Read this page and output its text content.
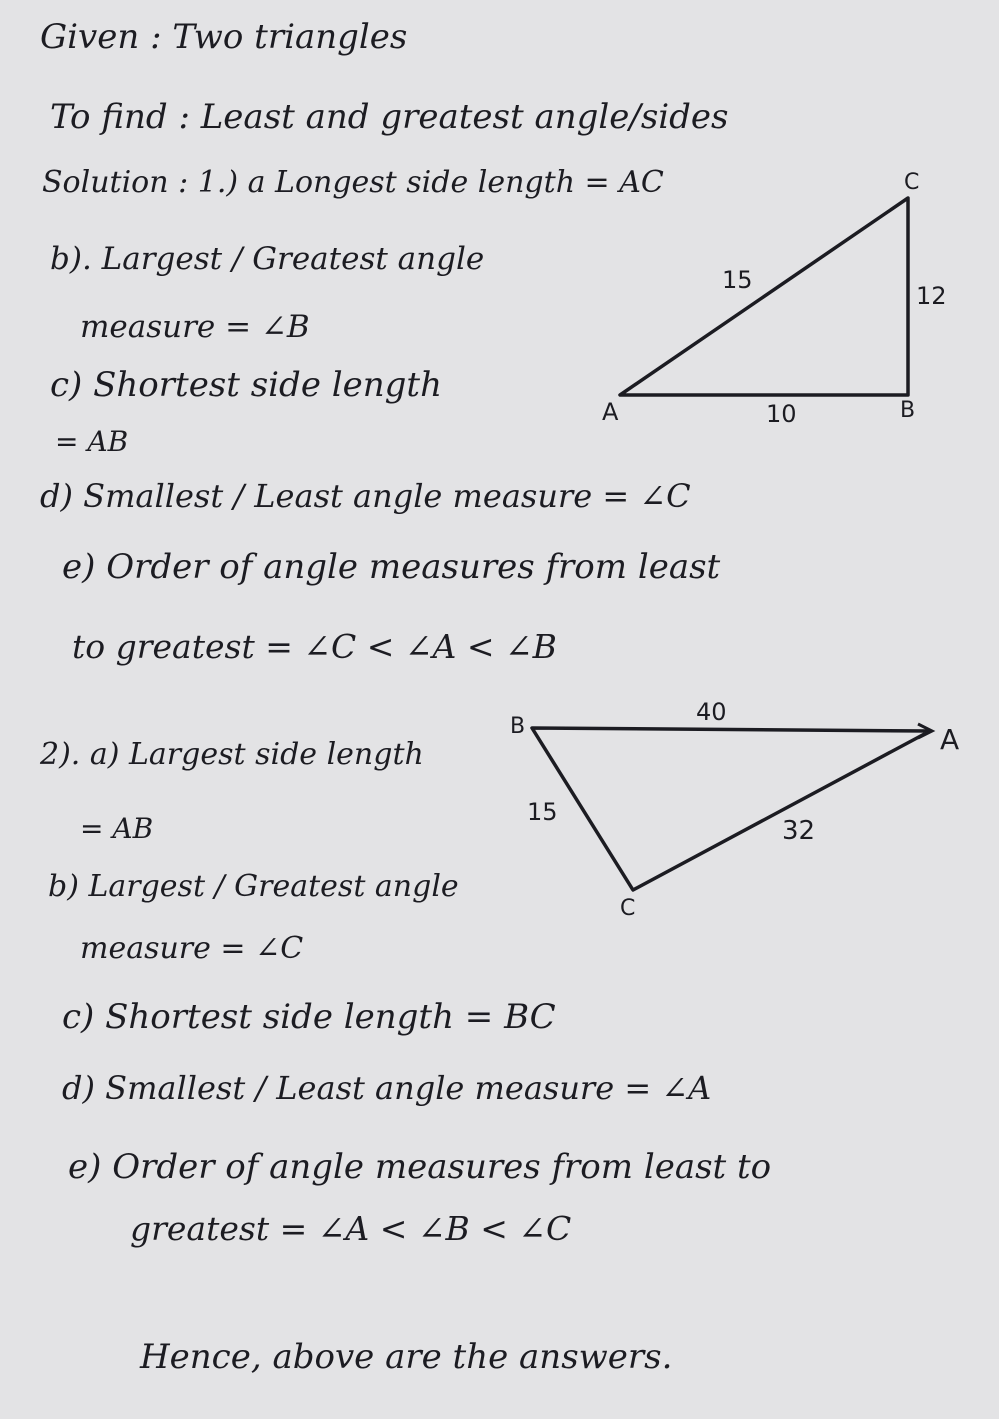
Given : Two triangles
To find : Least and greatest angle/sides
Solution : 1.) a Longest side length = AC
b). Largest / Greatest angle
measure = ∠B
c) Shortest side length
= AB
d) Smallest / Least angle measure = ∠C
e) Order of angle measures from least
to greatest = ∠C < ∠A < ∠B
2). a) Largest side length
= AB
b) Largest / Greatest angle
measure = ∠C
c) Shortest side length = BC
d) Smallest / Least angle measure = ∠A
e) Order of angle measures from least to
greatest = ∠A < ∠B < ∠C
Hence, above are the answers.
C
15
12
A	10	B
40
B	A
15
32
C
